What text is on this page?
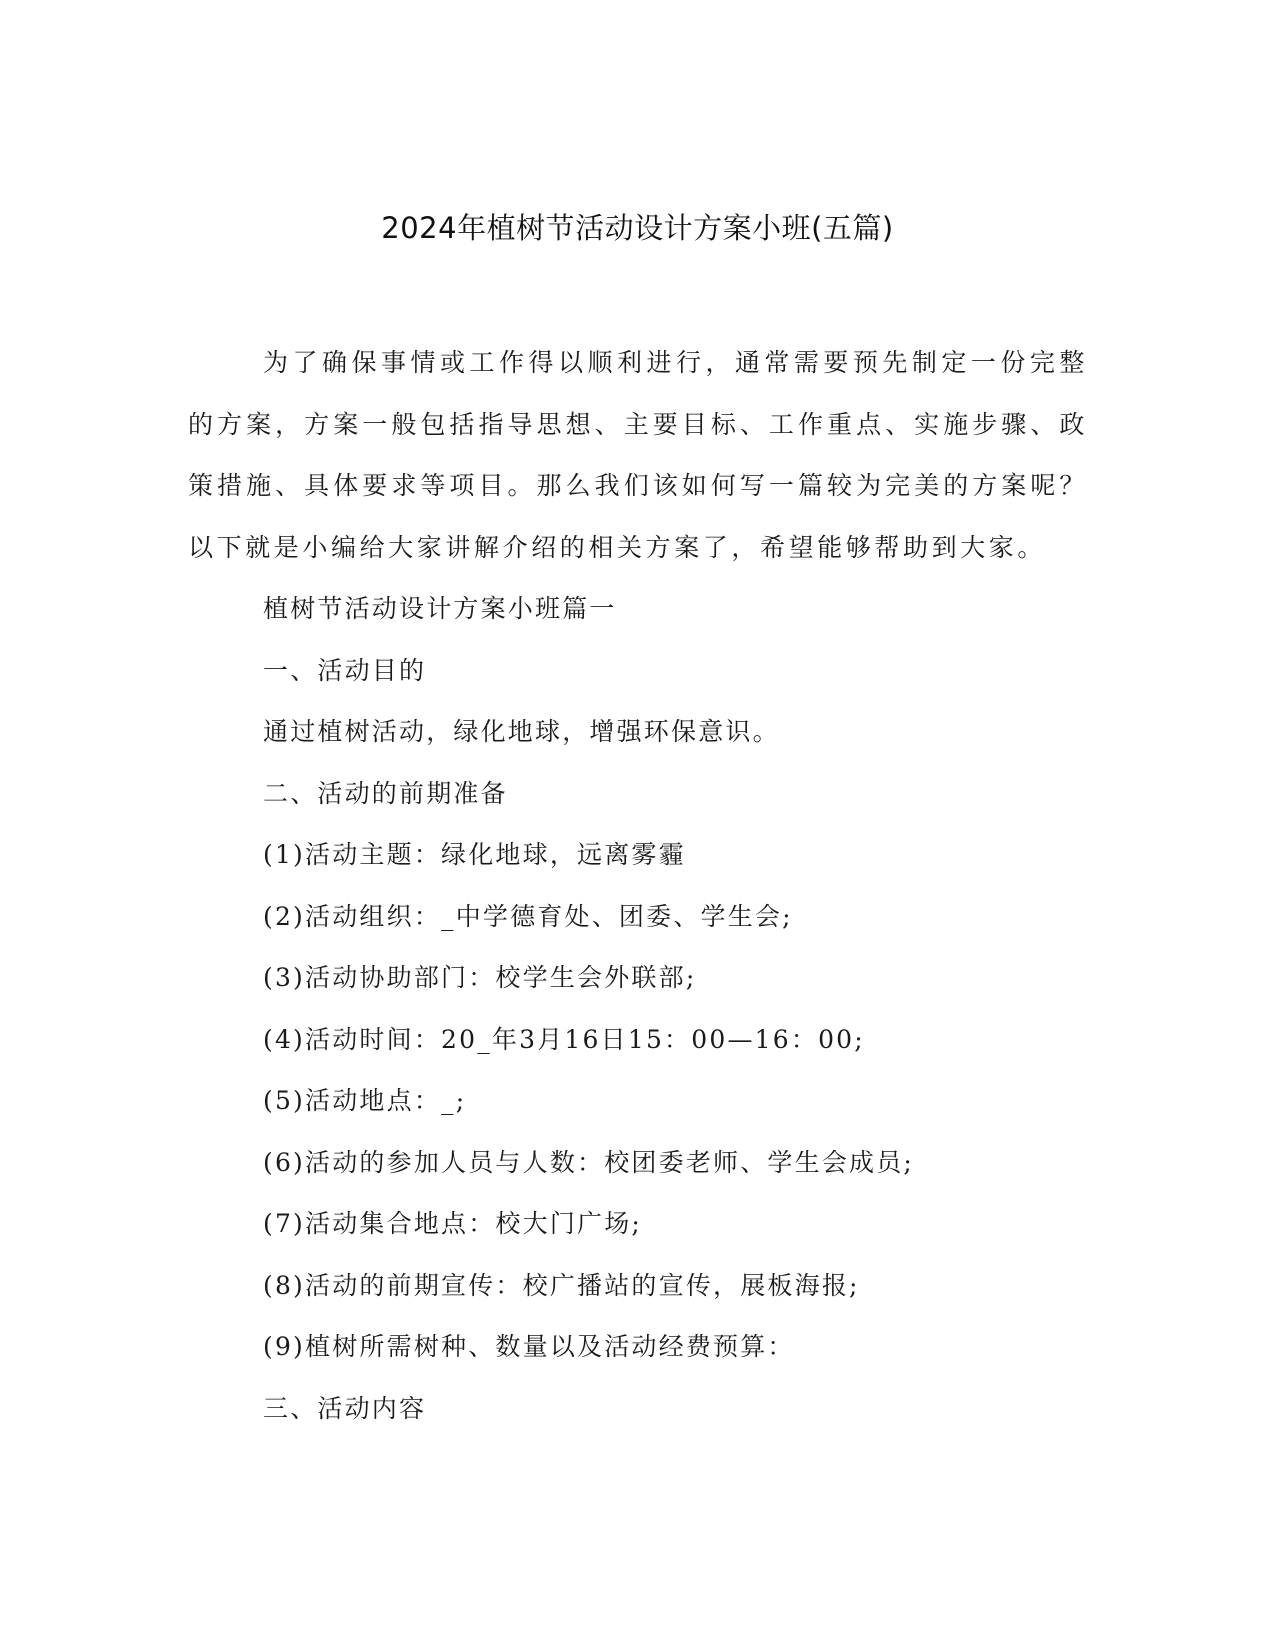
2024年植树节活动设计方案小班(五篇)

为了确保事情或工作得以顺利进行，通常需要预先制定一份完整的方案，方案一般包括指导思想、主要目标、工作重点、实施步骤、政策措施、具体要求等项目。那么我们该如何写一篇较为完美的方案呢？以下就是小编给大家讲解介绍的相关方案了，希望能够帮助到大家。

植树节活动设计方案小班篇一

一、活动目的

通过植树活动，绿化地球，增强环保意识。

二、活动的前期准备

(1)活动主题：绿化地球，远离雾霾

(2)活动组织：_中学德育处、团委、学生会;

(3)活动协助部门：校学生会外联部;

(4)活动时间：20_年3月16日15：00—16：00;

(5)活动地点：_;

(6)活动的参加人员与人数：校团委老师、学生会成员;

(7)活动集合地点：校大门广场;

(8)活动的前期宣传：校广播站的宣传，展板海报;

(9)植树所需树种、数量以及活动经费预算：

三、活动内容
